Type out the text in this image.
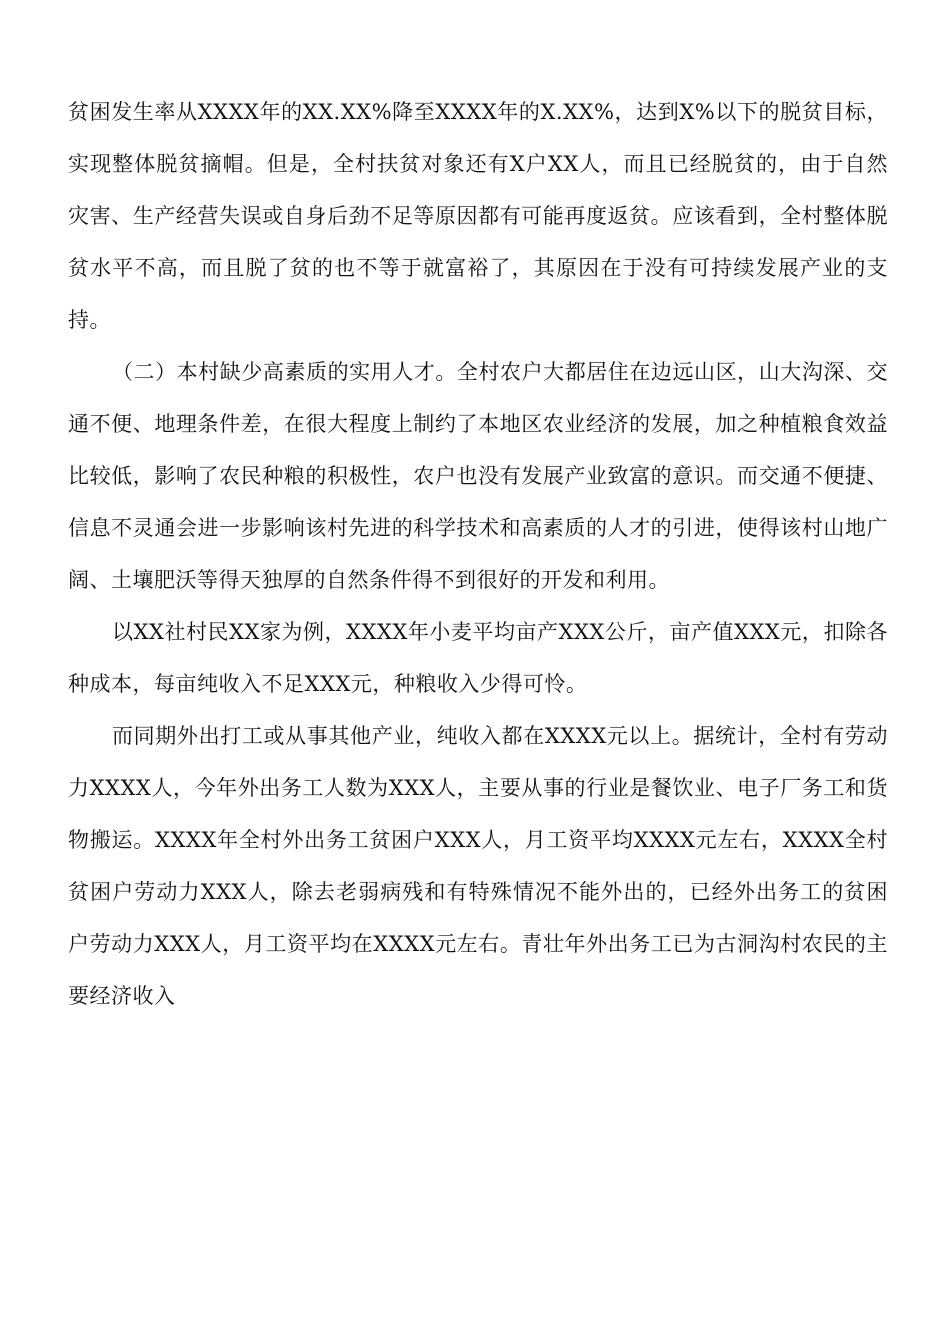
贫困发生率从XXXX年的XX.XX%降至XXXX年的X.XX%，达到X%以下的脱贫目标，实现整体脱贫摘帽。但是，全村扶贫对象还有X户XX人，而且已经脱贫的，由于自然灾害、生产经营失误或自身后劲不足等原因都有可能再度返贫。应该看到，全村整体脱贫水平不高，而且脱了贫的也不等于就富裕了，其原因在于没有可持续发展产业的支持。

（二）本村缺少高素质的实用人才。全村农户大都居住在边远山区，山大沟深、交通不便、地理条件差，在很大程度上制约了本地区农业经济的发展，加之种植粮食效益比较低，影响了农民种粮的积极性，农户也没有发展产业致富的意识。而交通不便捷、信息不灵通会进一步影响该村先进的科学技术和高素质的人才的引进，使得该村山地广阔、土壤肥沃等得天独厚的自然条件得不到很好的开发和利用。

以XX社村民XX家为例，XXXX年小麦平均亩产XXX公斤，亩产值XXX元，扣除各种成本，每亩纯收入不足XXX元，种粮收入少得可怜。

而同期外出打工或从事其他产业，纯收入都在XXXX元以上。据统计，全村有劳动力XXXX人，今年外出务工人数为XXX人，主要从事的行业是餐饮业、电子厂务工和货物搬运。XXXX年全村外出务工贫困户XXX人，月工资平均XXXX元左右，XXXX全村贫困户劳动力XXX人，除去老弱病残和有特殊情况不能外出的，已经外出务工的贫困户劳动力XXX人，月工资平均在XXXX元左右。青壮年外出务工已为古洞沟村农民的主要经济收入
